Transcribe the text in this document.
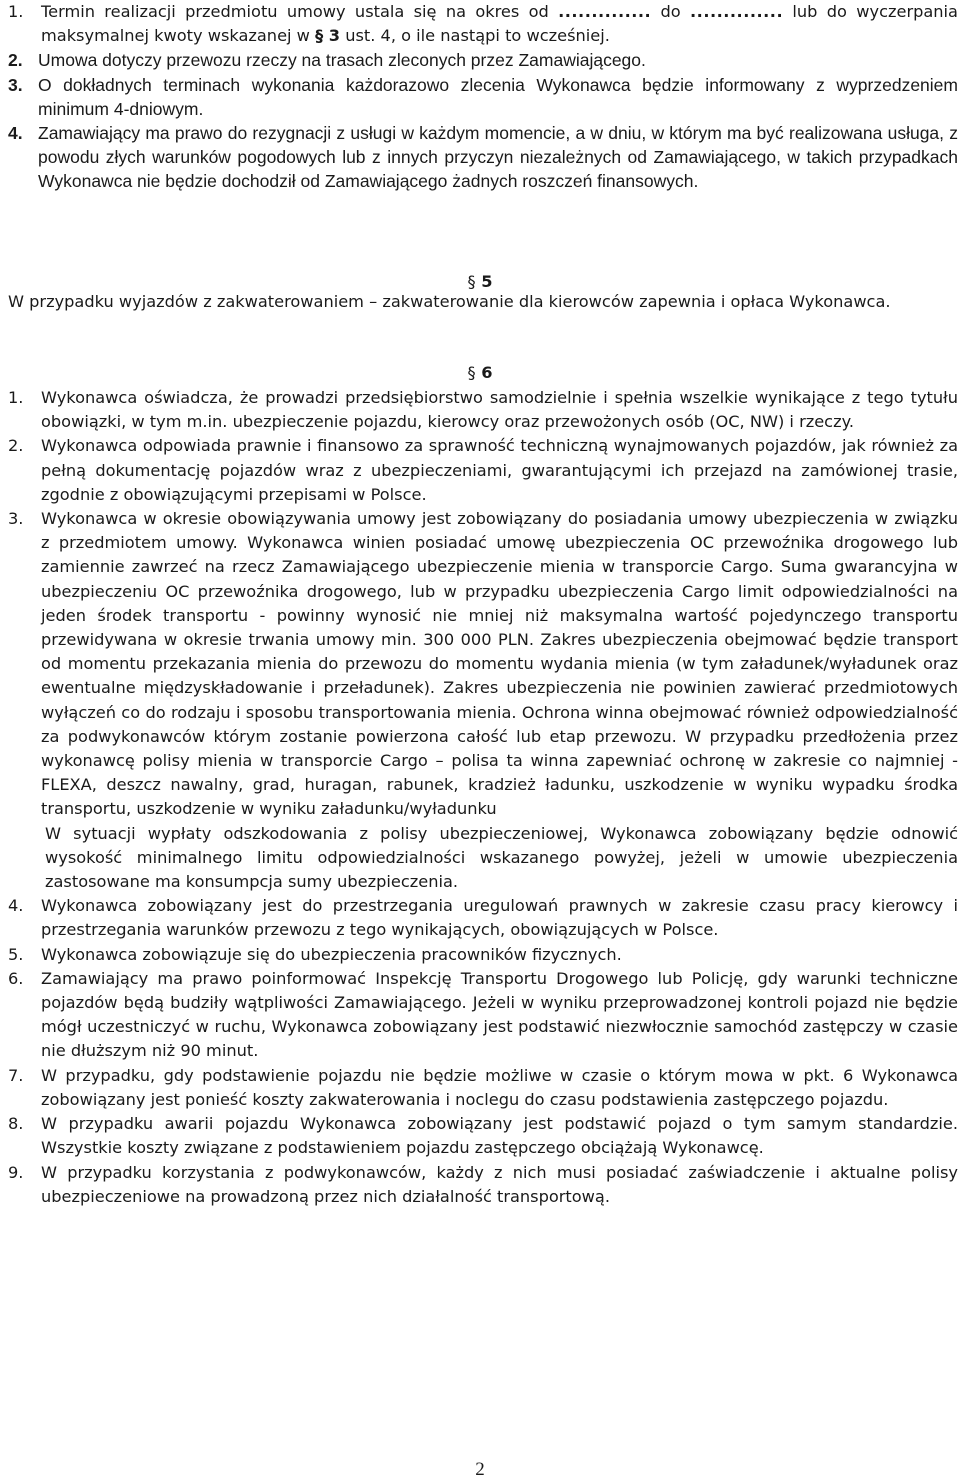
1.	Termin realizacji przedmiotu umowy ustala się na okres od .............. do .............. lub do wyczerpania maksymalnej kwoty wskazanej w § 3 ust. 4, o ile nastąpi to wcześniej.
2. Umowa dotyczy przewozu rzeczy na trasach zleconych przez Zamawiającego.
3. O dokładnych terminach wykonania każdorazowo zlecenia Wykonawca będzie informowany z wyprzedzeniem minimum 4-dniowym.
4. Zamawiający ma prawo do rezygnacji z usługi w każdym momencie, a w dniu, w którym ma być realizowana usługa, z powodu złych warunków pogodowych lub z innych przyczyn niezależnych od Zamawiającego, w takich przypadkach Wykonawca nie będzie dochodził od Zamawiającego żadnych roszczeń finansowych.
§ 5
W przypadku wyjazdów z zakwaterowaniem – zakwaterowanie dla kierowców zapewnia i opłaca Wykonawca.
§ 6
1.	Wykonawca oświadcza, że prowadzi przedsiębiorstwo samodzielnie i spełnia wszelkie wynikające z tego tytułu obowiązki, w tym m.in. ubezpieczenie pojazdu, kierowcy oraz przewożonych osób (OC, NW) i rzeczy.
2.	Wykonawca odpowiada prawnie i finansowo za sprawność techniczną wynajmowanych pojazdów, jak również za pełną dokumentację pojazdów wraz z ubezpieczeniami, gwarantującymi ich przejazd na zamówionej trasie, zgodnie z obowiązującymi przepisami w Polsce.
3.	Wykonawca w okresie obowiązywania umowy jest zobowiązany do posiadania umowy ubezpieczenia w związku z przedmiotem umowy. Wykonawca winien posiadać umowę ubezpieczenia OC przewoźnika drogowego lub zamiennie zawrzeć na rzecz Zamawiającego ubezpieczenie mienia w transporcie Cargo. Suma gwarancyjna w ubezpieczeniu OC przewoźnika drogowego, lub w przypadku ubezpieczenia Cargo limit odpowiedzialności na jeden środek transportu - powinny wynosić nie mniej niż maksymalna wartość pojedynczego transportu przewidywana w okresie trwania umowy min. 300 000 PLN. Zakres ubezpieczenia obejmować będzie transport od momentu przekazania mienia do przewozu do momentu wydania mienia (w tym załadunek/wyładunek oraz ewentualne międzyskładowanie i przeładunek). Zakres ubezpieczenia nie powinien zawierać przedmiotowych wyłączeń co do rodzaju i sposobu transportowania mienia. Ochrona winna obejmować również odpowiedzialność za podwykonawców którym zostanie powierzona całość lub etap przewozu. W przypadku przedłożenia przez wykonawcę polisy mienia w transporcie Cargo – polisa ta winna zapewniać ochronę w zakresie co najmniej - FLEXA, deszcz nawalny, grad, huragan, rabunek, kradzież ładunku, uszkodzenie w wyniku wypadku środka transportu, uszkodzenie w wyniku załadunku/wyładunku
W sytuacji wypłaty odszkodowania z polisy ubezpieczeniowej, Wykonawca zobowiązany będzie odnowić wysokość minimalnego limitu odpowiedzialności wskazanego powyżej, jeżeli w umowie ubezpieczenia zastosowane ma konsumpcja sumy ubezpieczenia.
4.	Wykonawca zobowiązany jest do przestrzegania uregulowań prawnych w zakresie czasu pracy kierowcy i przestrzegania warunków przewozu z tego wynikających, obowiązujących w Polsce.
5.	Wykonawca zobowiązuje się do ubezpieczenia pracowników fizycznych.
6.	Zamawiający ma prawo poinformować Inspekcję Transportu Drogowego lub Policję, gdy warunki techniczne pojazdów będą budziły wątpliwości Zamawiającego. Jeżeli w wyniku przeprowadzonej kontroli pojazd nie będzie mógł uczestniczyć w ruchu, Wykonawca zobowiązany jest podstawić niezwłocznie samochód zastępczy w czasie nie dłuższym niż 90 minut.
7.	W przypadku, gdy podstawienie pojazdu nie będzie możliwe w czasie o którym mowa w pkt. 6 Wykonawca zobowiązany jest ponieść koszty zakwaterowania i noclegu do czasu podstawienia zastępczego pojazdu.
8.	W przypadku awarii pojazdu Wykonawca zobowiązany jest podstawić pojazd o tym samym standardzie. Wszystkie koszty związane z podstawieniem pojazdu zastępczego obciążają Wykonawcę.
9.	W przypadku korzystania z podwykonawców, każdy z nich musi posiadać zaświadczenie i aktualne polisy ubezpieczeniowe na prowadzoną przez nich działalność transportową.
2
